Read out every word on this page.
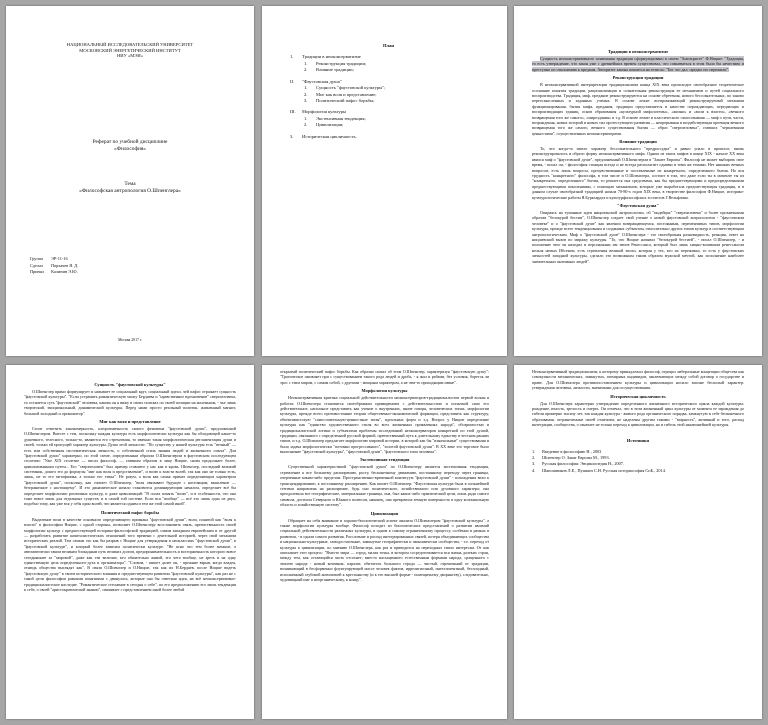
НАЦИОНАЛЬНЫЙ ИССЛЕДОВАТЕЛЬСКИЙ УНИВЕРСИТЕТ
МОСКОВСКИЙ ЭНЕРГЕТИЧЕСКИЙ ИНСТИТУТ
НИУ «МЭИ»
Реферат по учебной дисциплине
«Философия»
Тема
«Философская антропология О.Шпенглера»
Группа ЭР-11-16
Сделал Пархачев Я. Д.
Принял Калинин Э.Ю.
Москва 2017 г.
План
1.	Традиции в неоконсерватизме
1.	Реконструкция традиции;
2.	Влияние традиции;
II.	"Фаустовская душа"
1.	Сущность "фаустовской культуры";
2.	Миг как воля и представление;
3.	Политический пафос борьбы;
III.	Морфология культуры
1.	Экстенсивная тенденция;
2.	Цивилизация;
3.	Историческая цикличность.
Традиции в неоконсерватизме

Сущность неоконсервативного понимания традиции сформулировано в своем "Антихристе" Ф.Ницше: "Традиция, то есть утверждение, что закон уже с древнейших времен существовал, что сомневаться в этом было бы нечестиво и преступно по отношению к предкам. Авторитет закона покоится на тезисах: "Бог это дал, предки это пережили".

Реконструкция традиции

В неоконсервативной интерпретации традиционализм конца XIX века происходит своеобразное теоретическое осознание понятия традиции, рационализации и сознательная реконструкция ее механизмов и путей социального воспроизводства. Традиция, миф, предание реконструируются на основе обретения, нового бессознательных, по заново переосмысленных и заданных ученых. В основе лежит всепроникающий реконструируемый механизм функционирования, бытия мифа, предания, традиции представляется в качестве порождающих, передающих и воспроизводящих единиц, основ образования «культурной мифологемы», «жизни» и «воли к власти», «вечного возвращения того же самого», «мироздания» и т.д. В основе лежит и классического самосознания — миф о пути, части, возрождения, новых историй и новых сил протестующего развития — непрерывная и воздействующая проекция вечного возвращения того же самого, вечного существования бытия — образ "сверхчеловека", ставших "черпаемыми ценностями", осуществленных неоконсерваторами.

Влияние традиции

То, что когда-то имело характер бессознательного "предрассудка" и равно упало в прошлое, вновь реконструировалось и обрело форму неоконсервативного мифа. Одним из таких мифов в конце XIX - начале XX века явился миф о "фаустовской душе", предложенный О.Шпенглером в "Закате Европы". Философ не может выбирать свое время, - писал он, - философия стоящая всегда и не всегда располагает одними и теми же темами. Нет никаких вечных вопросов, есть лишь вопросы, прочувствованные и поставленные из конкретного, определенного бытия. Но вся трудность "конкретного" философа, в том числе и О.Шпенглера, состоит в том, что даже если ты в моменте ты из "конкретного, определенного" бытия, то решается она средствами, как бы предшествующими и предопределенными предшествующими поколениями, с помощью механизмов, которые уже выработала предшествующая традиция, и в данном случае своеобразной традицией начала 70-80-х годов XIX века, в творчестве философов Ф.Ницше, историко-культурологические работы Я.Буркхардта и культурфилософских эссеистов Г.Вельфлина.

"Фаустовская душа"

Опираясь на туманные идеи ницшеанской антропологии, об "индейцах" "сверхчеловека" и более прозаичными образом "белокурой бестии", О.Шпенглер создает свой учение о новой фаустовской антропологии - "фаустовском человеке" и о "фаустовской душе" как явлении возвращающемся, постоянным, переменчивых типов, морфологии культуры, прежде всего тенденциозным и созданных субъектом, относительно других типов культур в соответствующим антропологическим. Миф о "фаустовской душе" О.Шпенглера - это своеобразная разновидность, реакция, ответ на ницшевский вызов по миражу культуры. "То, что Ницше называл "белокурой бестией", - писал О.Шпенглер, - и положение чего он находил в персонажиях им типов Ренессанса, который был лишь хищно-кошачьим ренессансом нельзя немых Ибсеном, есть стремления великой эпохи, которая у тех, кто их переживал, то есть у фаустовских личностей западной культуры, сделало это возможным таким образом мужской мечтой, как исполнение наиболее значительных интимных людей".

Сущность "фаустовской культуры"

О.Шпенглер прямо формулирует и называет ее социальный круг, социальный идеал, чей пафос отражает сущность "фаустовской культуры". "Если устранить романтическую маску Бердяева и "нравственное вдохновение" сверхчеловека, то останется суть "фаустовской" человека, какова он я вижу в своих поисках по своей позиции на маленьком, - чье лишь творческий, эмоциональный, динамический культуры. Перед нами просто реальный политик, жизненный магнит, большой холодный и организатор".

Миг как воля и представление

Стоит отметить закономерность, алгоритмичность самого феномена "фаустовской души", предложенной О.Шпенглером. Вместе с тем, поскольку каждая культура есть морфологически культура как бы обладающей какое-то душевного, телесного, только-то, являются его стремления, то именно такая морфологическая регламентация души и своей, только ей присущей характер культуры. Душа этой личности: "По существу у нашей культуры есть "вечный" — есть или собственная систематическая личность, о собственной стиль знания людей и жизненного опыта". Для "фаустовской души" характерно, по этой схеме, определенным образом О.Шпенглером в фаустовском последующем столетии: "Уже XIX столетие — писал философ, — главным образом в лице Ницше, снова продолжает более, цивилизованным путем... Его "сверхчеловек" был пример ставшего у нас как в кровь. Шпенглер, последний великий системник, дошел это до формулы "миг как воля и представление", и волю к власти волей, так как оно не только есть, лишь, не то его метафизика, а только его этика". Не разум, а воля как самая примат определяющим характером "фаустовской души", поскольку, как считает О.Шпенглер, "воля связывает будущее с настоящим, мышление — безграничное с настоящему". И это динамическое начало становится доминирующим началом, определяет всё бы определяет морфологию различных культур, и даже цивилизаций: "В силах понять "волю", и в особенности, что она тоже вовсе лишь для отдельных существ, и в самой той системе. Если вся "вообще" — всё это лишь одно из двух, подобно тому, как уже вся у себя один волей, что является одним и тем же этой самой иной".

Политический пафос борьбы

Выделение воли в качестве основного определяющего признака "фаустовской души", воли, понятой как "воля к власти" в философии Ницше, с одной стороны, позволяет О.Шпенглеру восстановить связь, преемственность своей морфологии культур с предшествующей историко-философской традицией, самим западным европейским и от другой — разработать развитие капиталистических отношений того времени с деятельной историей, через свой механизм исторических реалий. Тем самым это как бы разрыв с Ницше для утверждения в неоклассиях "фаустовской души", в "фаустовской культуре", и который более зависим политически культуре. "Не ясно что тем более меньше, а автоматически таким великим блокадным путь великих долгов, предпринимательность и восторженность которого вовсе сегодняшнее за "мировой", даже как эти величие, кто обязательно живой, его чего вообще, не зреть и на одну единственную цель определенного-духа и организатора". "Словом, - пишет далее он, - прежние взрыв, когда владея, отнюдь общества выглядят как". В связи О.Шпенглер и О.Ницше, так как их Н.Бердяев, после Ницше видеть "фаустовскую душу" в своем исторического влияния и предшествующем развитии "фаустовской культуры", как раз не с такой цели философии разными понятиями с двинулась, которые она бы ответная идея, на всё неоконсервативно-традиционалистское наследие. "Романтическое стеснение в сегодня о себе", по его предположению его лишь тенденции к себе, о своей "аристократической знании", связывает с представлением иной более любой

открытый политический пафос борьбы. Как образно сказал об этом О.Шпенглер, характеризуя "фаустовскую душу": "Трагическое оживляет при с существованием такого рода людей и дробь, - я жил и рабами, без условия, борется ли эрос с этим миром, с самим собой, с другими - мощным характером, а не чем-то приходящим извне".

Морфология культуры

Неоконсервативная критика социальной действительности неоконсерваторов-традиционалистов первой волны в работах О.Шпенглера становится своеобразным примирением с действительностью и попыткой само его действительное, насильное представить как учение о внутренних, иначе говоря, человеческих типах, морфологии культуры, прежде всего противостояние теории общественно-экономической формации, представить как структуру, объективистскую "самостоятельную-ценностные типы", идеальных форм и т.д. Вопрос у Ницше определение культуры как "единство художественного стиля во всех жизненных проявлениях народа", обозримостью и традиционалистской логики и субъектами проблемы исследований неоконсерваторов конкретной по этой душой, традиции, связанного с определенной русской формой, преемственный путь к длительному единству в честном ранних типов, и т.д. О.Шпенглер предлагает морфологию мировой истории, в которой как бы "изначальные" существования и была задача морфологически "потомки прогрессивного", "золотой фаустовской души". В XX веке это торговое было выполнение "фаустовской культуры", "фаустовской души", "фаустовского типа человека".

Экстенсивная тенденция

Существенной характеристикой "фаустовской души" по О.Шпенглеру является экстенсивная тенденция, стремление к все большему расширению, росту, бесконечному движению, постоянному переходу через границы, очерченные каким-либо пределом. Пространственно-временной контитуум "фаустовской души" - похождения вели к трансцендированию, к постоянному расширению. Как пишет О.Шпенглер: "Фаустовская культура была в сильнейшей степени направлена на расширение, будь оно политического, хозяйственного или духовного характера; она преодолевала все географические, материальные границы, она, был каких-либо практический цели, лишь ради самого символа, достигла Северного и Южного полюсов, наконец, она превратила земную поверхность в одну колониальную область и хозяйственную систему".

Цивилизация

Обращает на себя внимание и хорошо-биологический аспект анализа О.Шпенглером "фаустовской культуры", а также морфологии культуры вообще. Философ исходит из биологических представлений о развитии явлений социальной действительности различных культуры, в одном к самому ограниченному процессу, особенно в рамках в развитии, - в одном самого развития. Расслоение и распад интегрированных связей, потеря объединяющих сообщества и национально-культурные, самодостаточные, замкнутые географически и экономически сообщества, - т.е. переход от культуры к цивилизации, по мнению О.Шпенглера, как раз и приводится на переходных типах интересам. От как описывает этот процесс: "Вместо мира — город, малая точка, в котором сосредоточивается вся жизнь далеких стран, между тем, как остающийся часть отсохнет; вместо насыщенного естественным формами народа, сращенного с землею народа - новый кочевник, паразит, обитатель большого города — чистый, отрешенный от традиции, возникающий в бесформенно флуктуирующей массе человек фактов, иррелигиозный, интеллигентный, бесплодный, исполненный глубокой антипатией к крестьянству (и к его высшей форме - помещичьему дворянству), следовательно, чудовищный шаг к неорганическому, к концу".

Неоконсервативный традиционализм, к которому принадлежал философ, отрицал либеральные концепции общества как совокупности механических, замкнутых, атомарных индивидов, заключающих между собой договор о государстве и праве. Для О.Шпенглера противопоставлением культуры и цивилизации носило вполне бесполый характер: утверждения человека, личности, значимыми для сосуществования.

Историческая цикличность

Для О.Шпенглера характерно утверждение определенного жизненного исторического цикла каждой культуры: рождение, юность, зрелость и смерть. Он отмечал, что в этом жизненный цикл культуры от момента ее зарождения до гибели примерно тысячу лет, так каждая культура - живого рода органического порядка, замкнутую в себе бесконечного образования, отграниченные своей отличием, не наделены другим такими - "мирность", активный и того, распад интеграции, сообщества, о означает не только переход к цивилизации, но и гибель этой нынешнейшей культуры.

Источники
1.	Введение в философию Н., 2003
2.	Шпенглер О. Закат Европы М., 1993.
3.	Русская философия: Энциклопедия Н., 2007.
4.	Шапошников Л.Е., Пушкин С.Н. Русская историософия СпБ., 2014.
